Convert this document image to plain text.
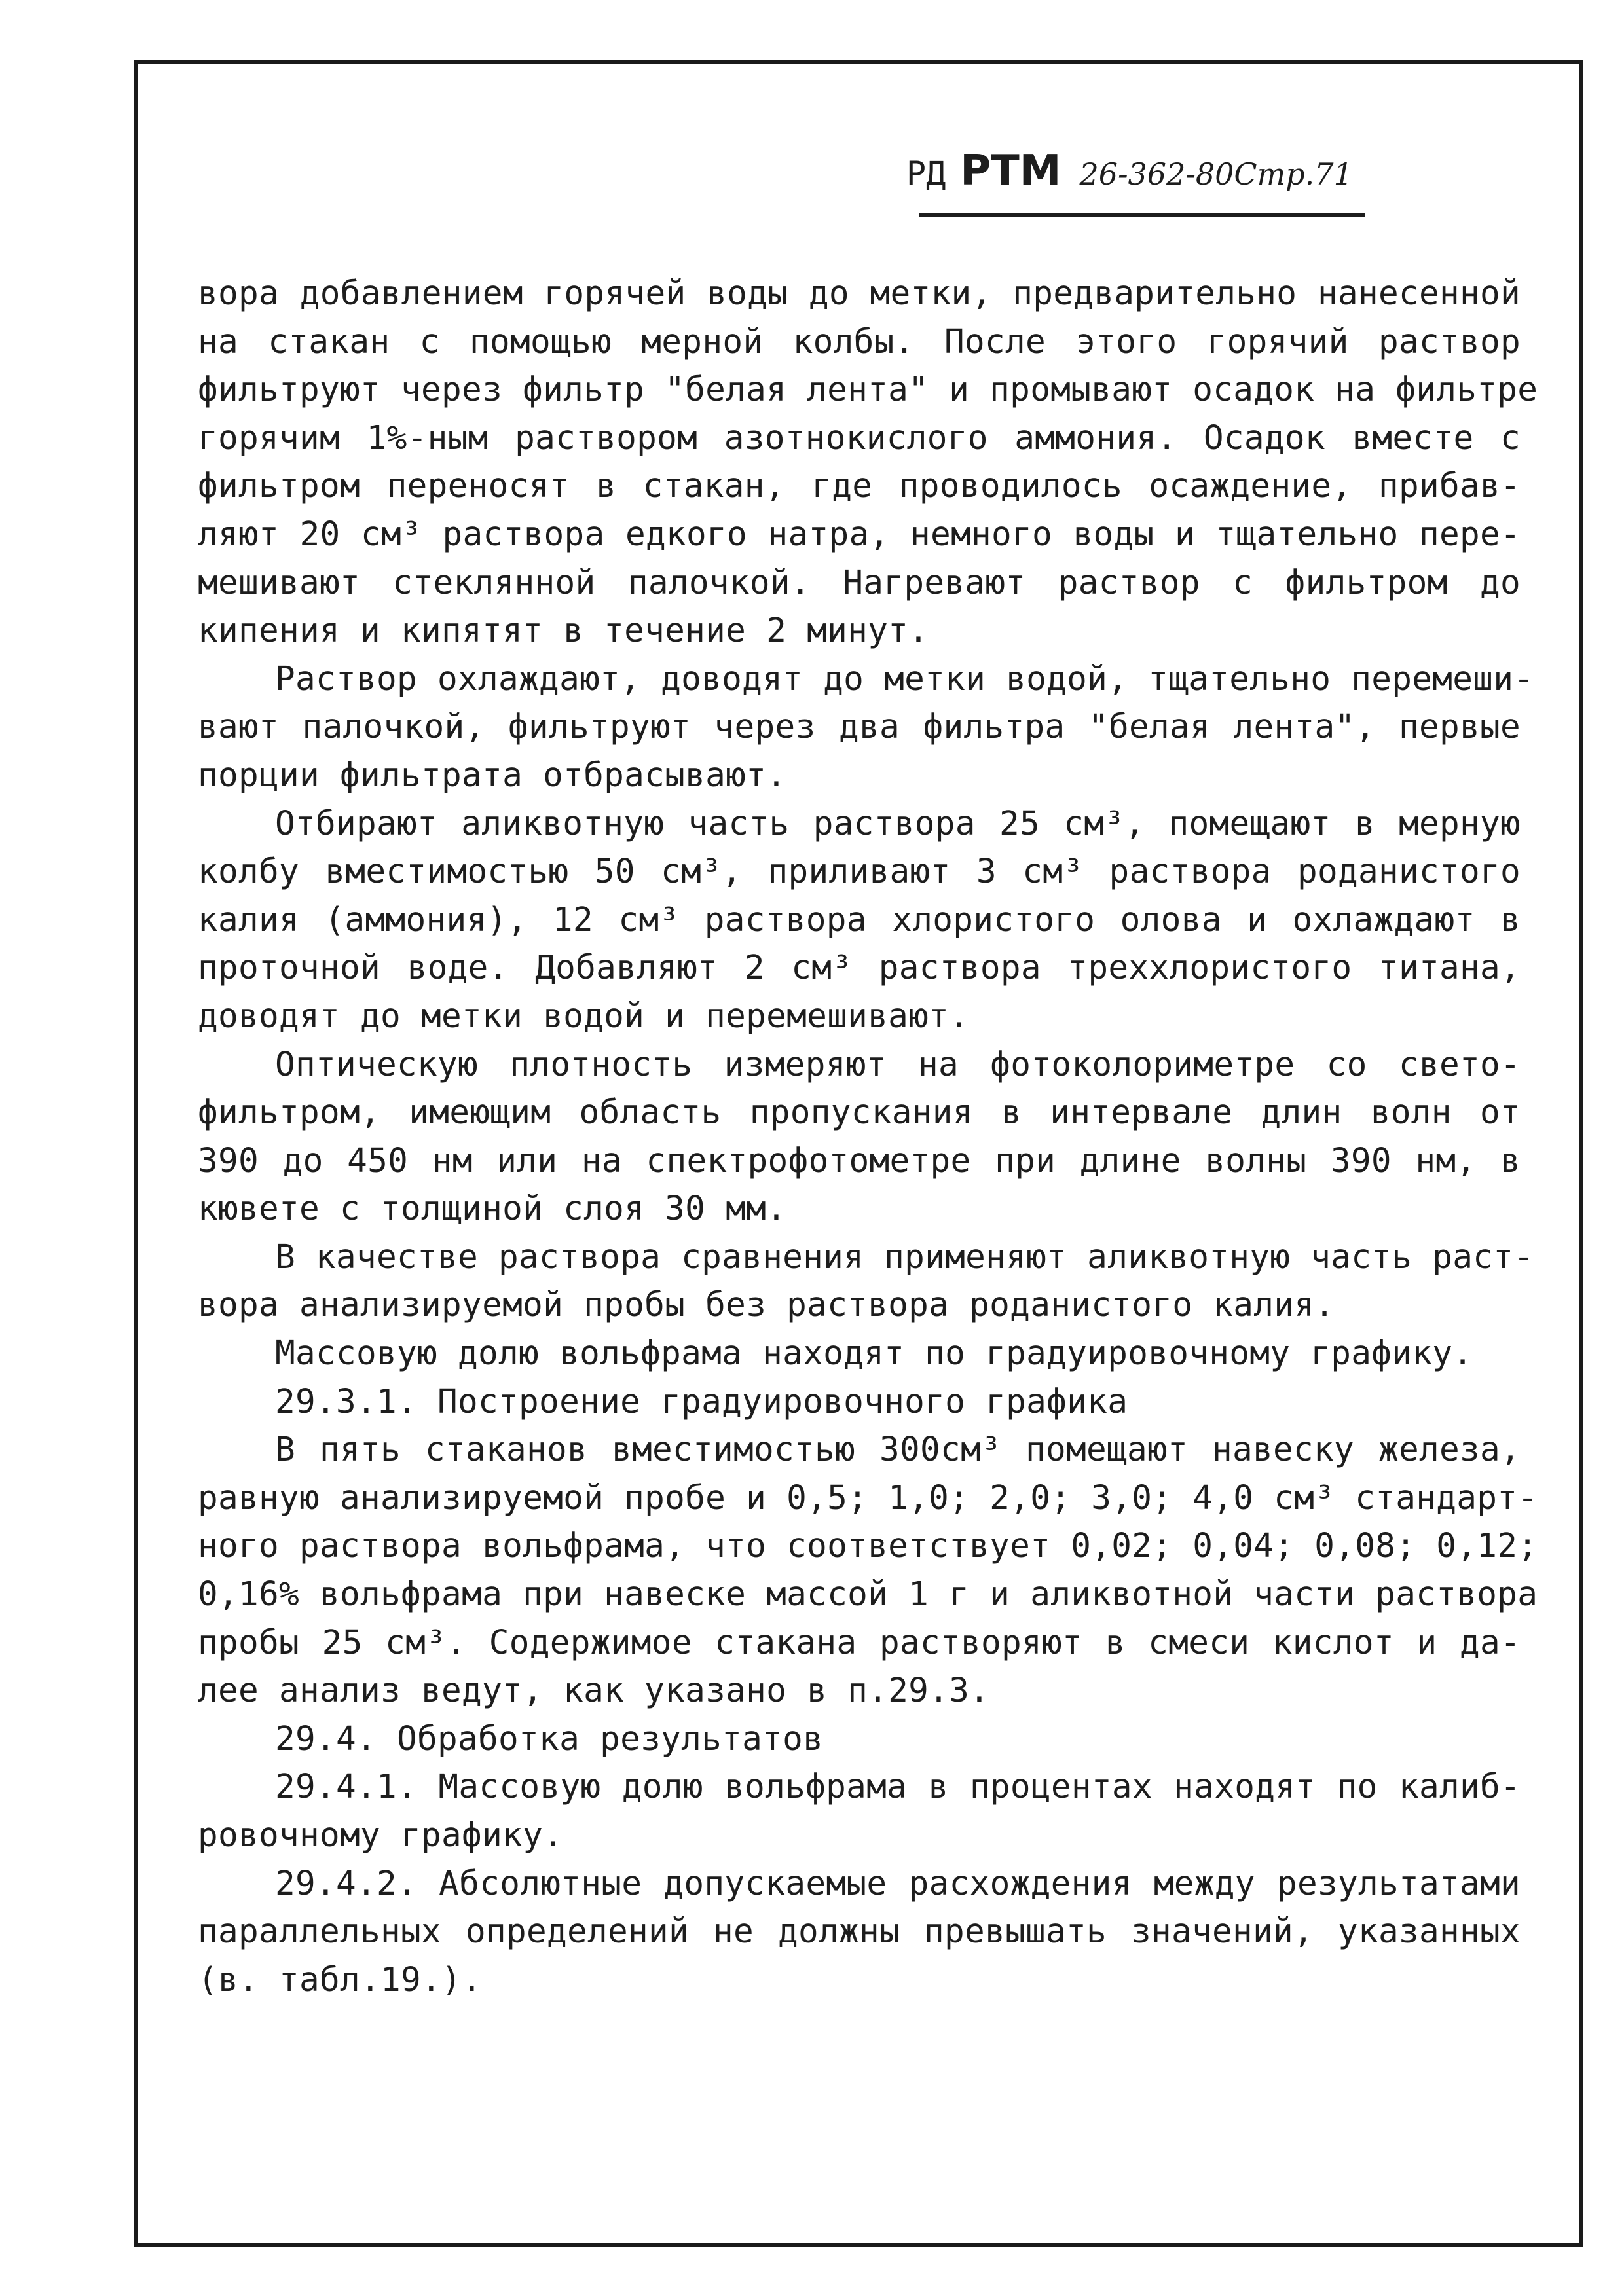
РД РТМ 26-362-80Стр.71
вора добавлением горячей воды до метки, предварительно нанесенной
на стакан с помощью мерной колбы. После этого горячий раствор
фильтруют через фильтр "белая лента" и промывают осадок на фильтре
горячим 1%-ным раствором азотнокислого аммония. Осадок вместе с
фильтром переносят в стакан, где проводилось осаждение, прибав-
ляют 20 см³ раствора едкого натра, немного воды и тщательно пере-
мешивают стеклянной палочкой. Нагревают раствор с фильтром до
кипения и кипятят в течение 2 минут.
Раствор охлаждают, доводят до метки водой, тщательно перемеши-
вают палочкой, фильтруют через два фильтра "белая лента", первые
порции фильтрата отбрасывают.
Отбирают аликвотную часть раствора 25 см³, помещают в мерную
колбу вместимостью 50 см³, приливают 3 см³ раствора роданистого
калия (аммония), 12 см³ раствора хлористого олова и охлаждают в
проточной воде. Добавляют 2 см³ раствора треххлористого титана,
доводят до метки водой и перемешивают.
Оптическую плотность измеряют на фотоколориметре со свето-
фильтром, имеющим область пропускания в интервале длин волн от
390 до 450 нм или на спектрофотометре при длине волны 390 нм, в
кювете с толщиной слоя 30 мм.
В качестве раствора сравнения применяют аликвотную часть раст-
вора анализируемой пробы без раствора роданистого калия.
Массовую долю вольфрама находят по градуировочному графику.
29.3.1. Построение градуировочного графика
В пять стаканов вместимостью 300см³ помещают навеску железа,
равную анализируемой пробе и 0,5; 1,0; 2,0; 3,0; 4,0 см³ стандарт-
ного раствора вольфрама, что соответствует 0,02; 0,04; 0,08; 0,12;
0,16% вольфрама при навеске массой 1 г и аликвотной части раствора
пробы 25 см³. Содержимое стакана растворяют в смеси кислот и да-
лее анализ ведут, как указано в п.29.3.
29.4. Обработка результатов
29.4.1. Массовую долю вольфрама в процентах находят по калиб-
ровочному графику.
29.4.2. Абсолютные допускаемые расхождения между результатами
параллельных определений не должны превышать значений, указанных
(в. табл.19.).
